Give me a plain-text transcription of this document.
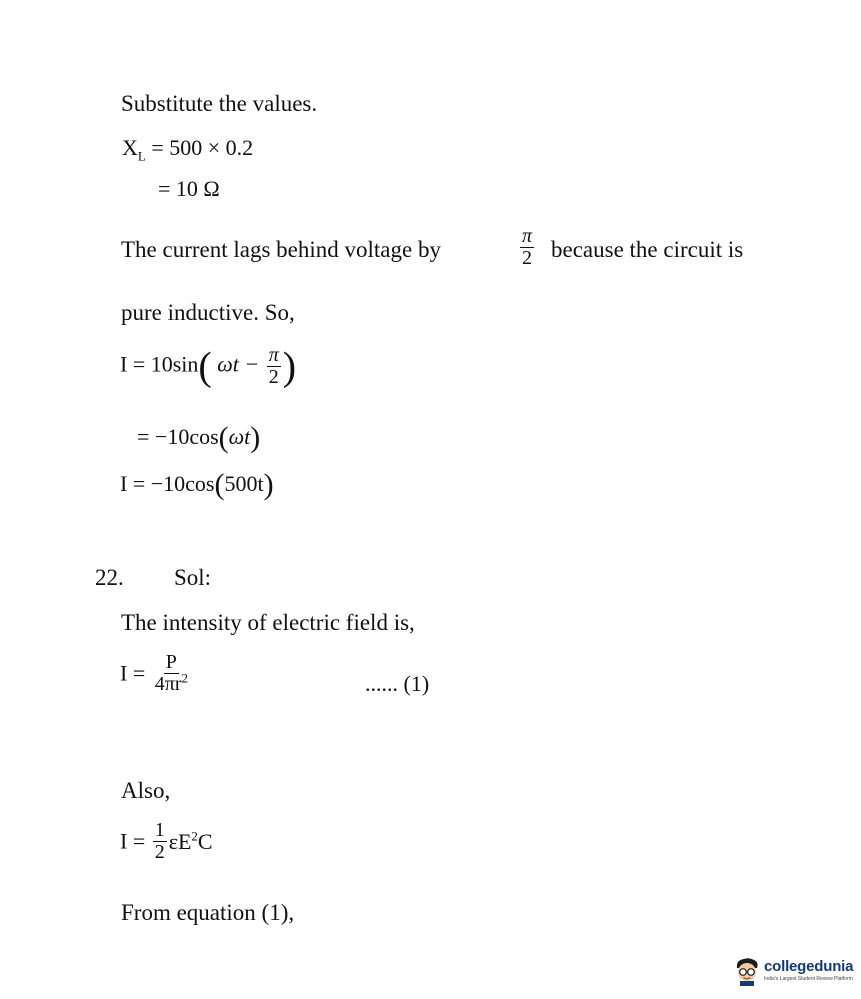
Substitute the values.
$X_L = 500 \times 0.2$
= 10 Ω
The current lags behind voltage by	$\frac{\pi}{2}$ because the circuit is
pure inductive. So,
I = 10sin( $\omega t - \frac{\pi}{2}$ )
= −10cos(ωt)
I = −10cos(500t)
22. Sol:
The intensity of electric field is,
$I = \frac{P}{4\pi r^2}$	...... (1)
Also,
$I = \frac{1}{2} \varepsilon E^2C$
From equation (1),
collegedunia
India's Largest Student Review Platform
